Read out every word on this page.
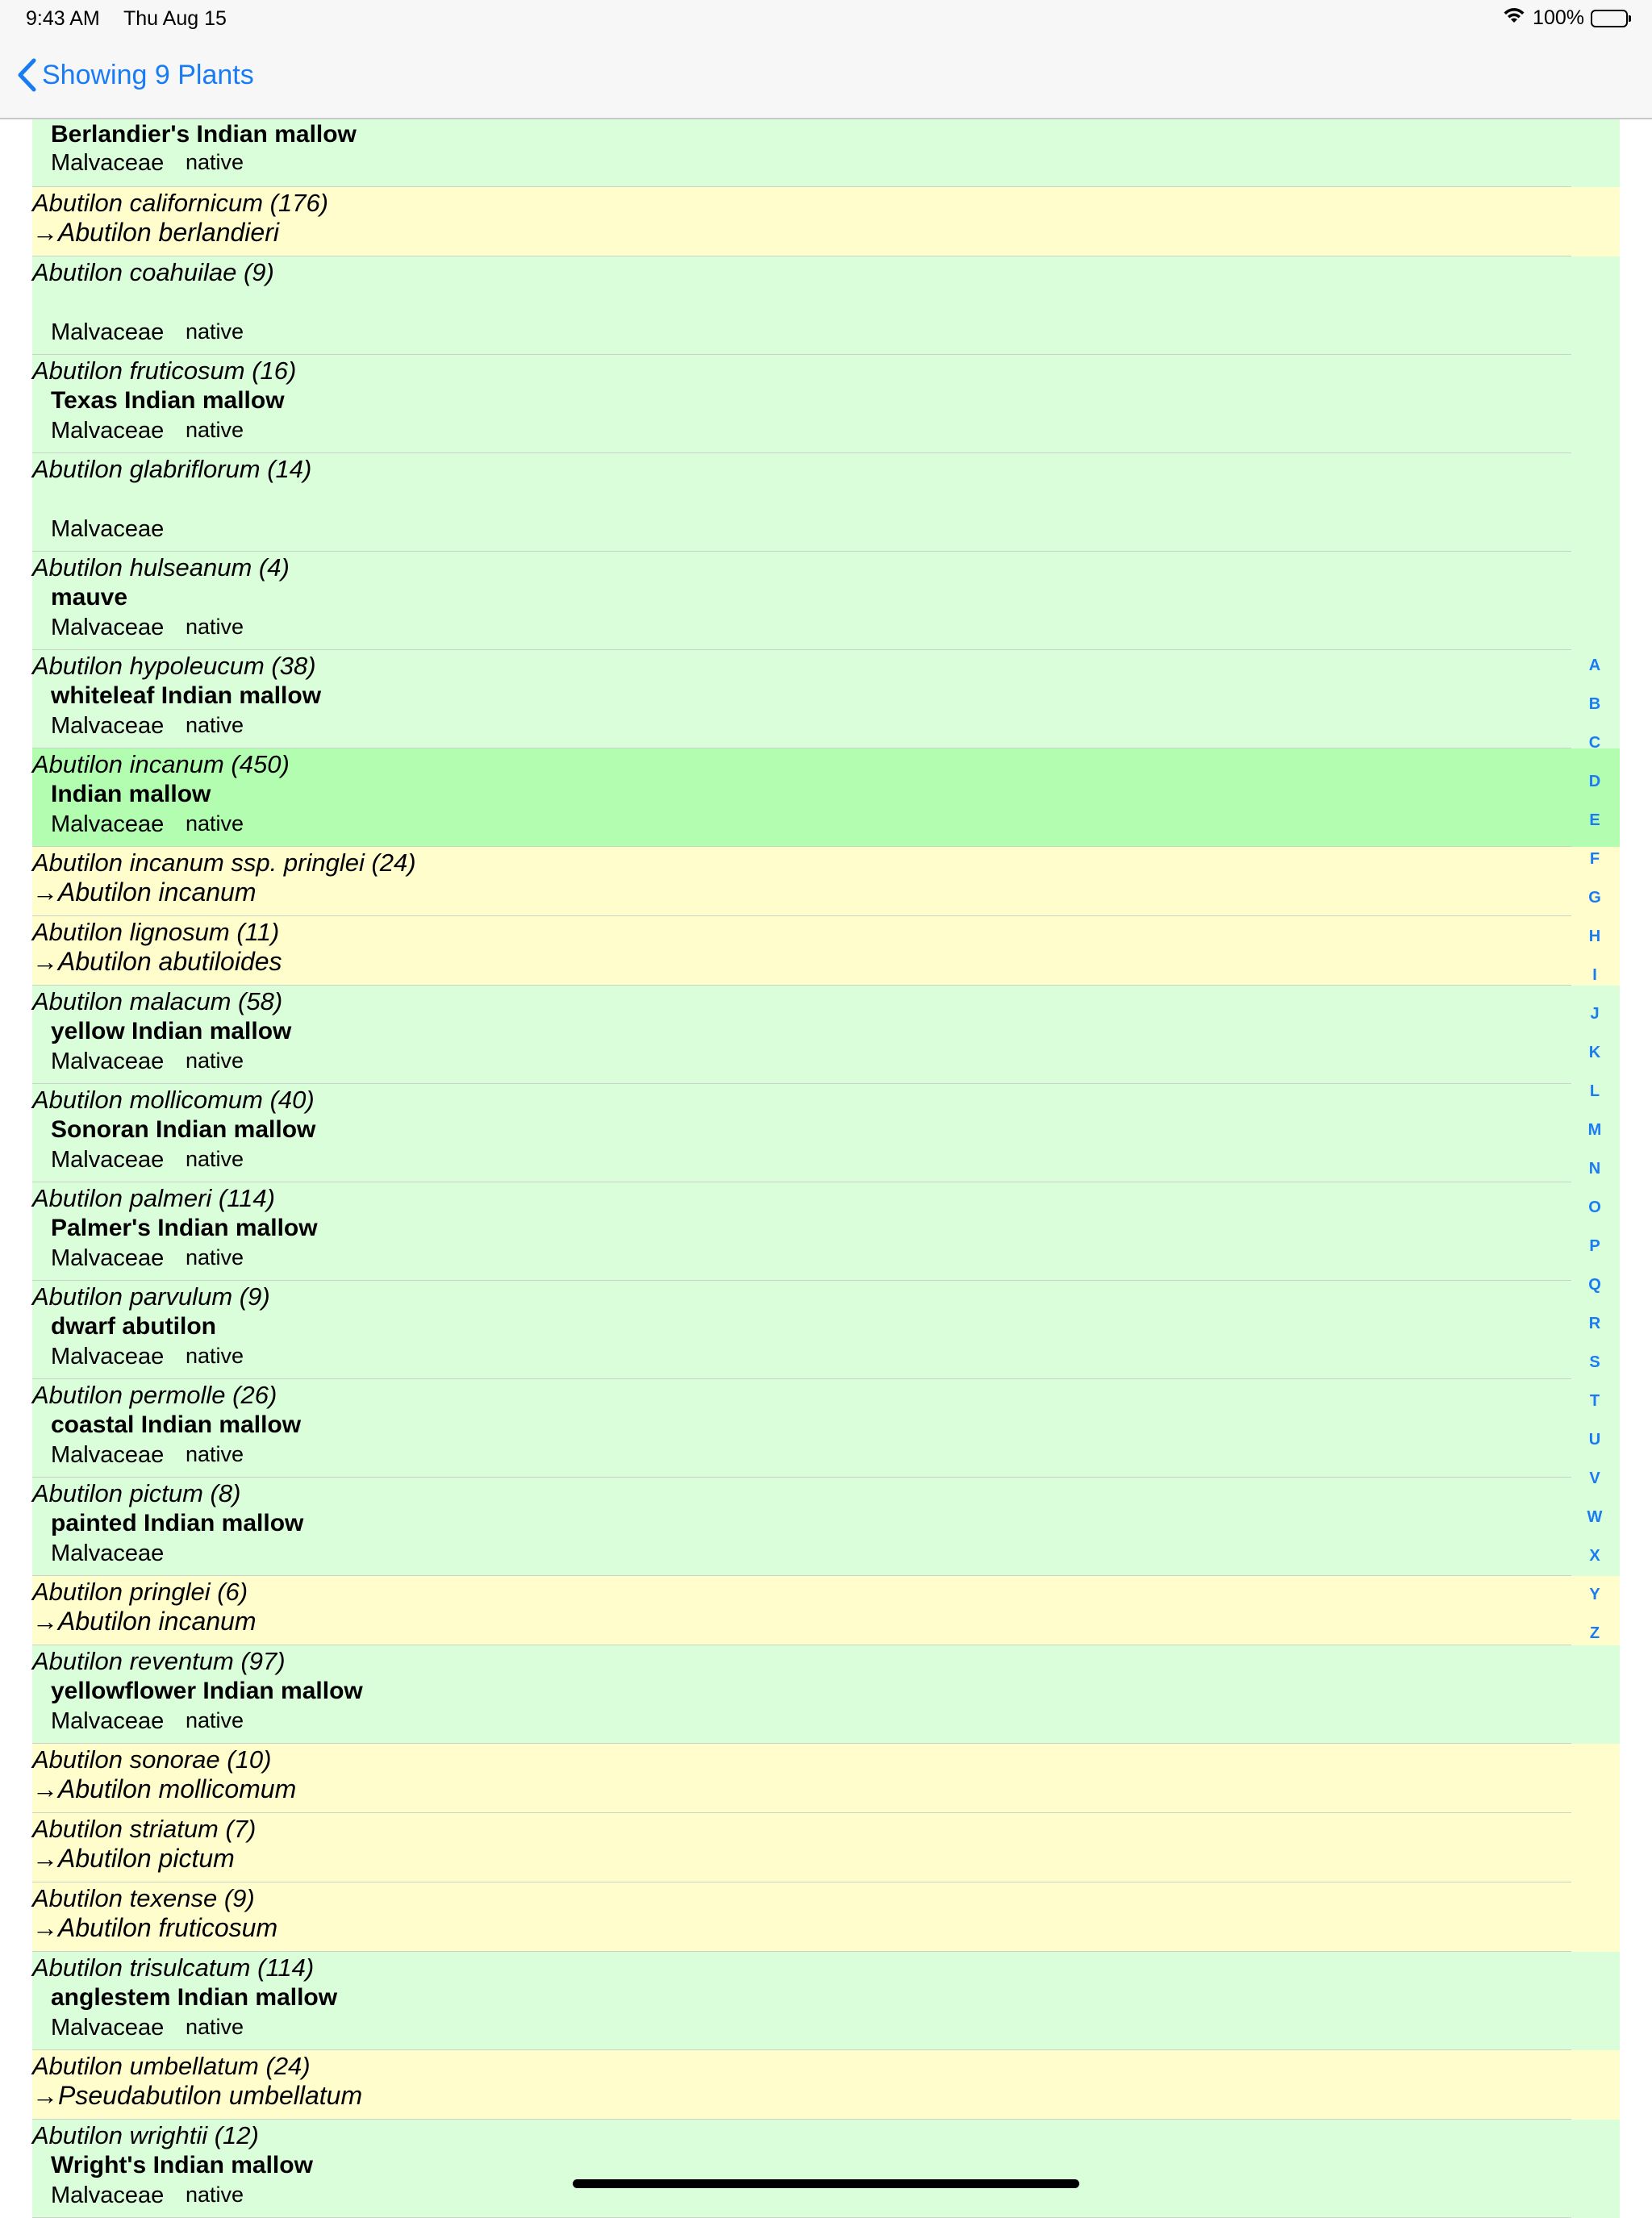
9:43 AM Thu Aug 15	100%
Showing 9 Plants
Berlandier's Indian mallow
Malvaceae native
Abutilon californicum (176)
→Abutilon berlandieri
Abutilon coahuilae (9)
Malvaceae native
Abutilon fruticosum (16)
Texas Indian mallow
Malvaceae native
Abutilon glabriflorum (14)
Malvaceae
Abutilon hulseanum (4)
mauve
Malvaceae native
Abutilon hypoleucum (38)
whiteleaf Indian mallow
Malvaceae native
Abutilon incanum (450)
Indian mallow
Malvaceae native
Abutilon incanum ssp. pringlei (24)
→Abutilon incanum
Abutilon lignosum (11)
→Abutilon abutiloides
Abutilon malacum (58)
yellow Indian mallow
Malvaceae native
Abutilon mollicomum (40)
Sonoran Indian mallow
Malvaceae native
Abutilon palmeri (114)
Palmer's Indian mallow
Malvaceae native
Abutilon parvulum (9)
dwarf abutilon
Malvaceae native
Abutilon permolle (26)
coastal Indian mallow
Malvaceae native
Abutilon pictum (8)
painted Indian mallow
Malvaceae
Abutilon pringlei (6)
→Abutilon incanum
Abutilon reventum (97)
yellowflower Indian mallow
Malvaceae native
Abutilon sonorae (10)
→Abutilon mollicomum
Abutilon striatum (7)
→Abutilon pictum
Abutilon texense (9)
→Abutilon fruticosum
Abutilon trisulcatum (114)
anglestem Indian mallow
Malvaceae native
Abutilon umbellatum (24)
→Pseudabutilon umbellatum
Abutilon wrightii (12)
Wright's Indian mallow
Malvaceae native
A
B
C
D
E
F
G
H
I
J
K
L
M
N
O
P
Q
R
S
T
U
V
W
X
Y
Z
